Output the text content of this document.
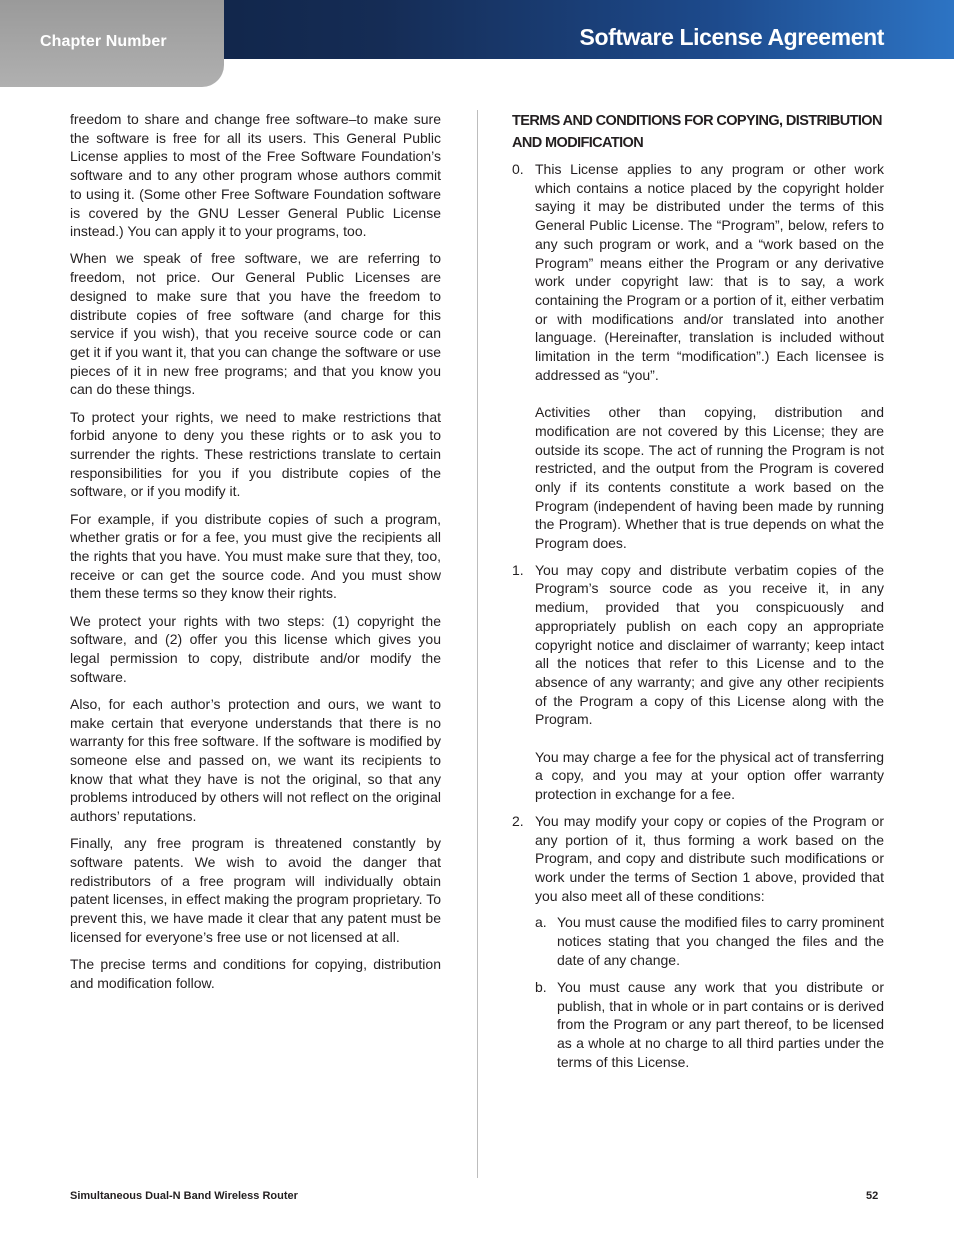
Chapter Number	Software License Agreement

freedom to share and change free software–to make sure the software is free for all its users. This General Public License applies to most of the Free Software Foundation’s software and to any other program whose authors commit to using it. (Some other Free Software Foundation software is covered by the GNU Lesser General Public License instead.) You can apply it to your programs, too.

When we speak of free software, we are referring to freedom, not price. Our General Public Licenses are designed to make sure that you have the freedom to distribute copies of free software (and charge for this service if you wish), that you receive source code or can get it if you want it, that you can change the software or use pieces of it in new free programs; and that you know you can do these things.

To protect your rights, we need to make restrictions that forbid anyone to deny you these rights or to ask you to surrender the rights. These restrictions translate to certain responsibilities for you if you distribute copies of the software, or if you modify it.

For example, if you distribute copies of such a program, whether gratis or for a fee, you must give the recipients all the rights that you have. You must make sure that they, too, receive or can get the source code. And you must show them these terms so they know their rights.

We protect your rights with two steps: (1) copyright the software, and (2) offer you this license which gives you legal permission to copy, distribute and/or modify the software.

Also, for each author’s protection and ours, we want to make certain that everyone understands that there is no warranty for this free software. If the software is modified by someone else and passed on, we want its recipients to know that what they have is not the original, so that any problems introduced by others will not reflect on the original authors’ reputations.

Finally, any free program is threatened constantly by software patents. We wish to avoid the danger that redistributors of a free program will individually obtain patent licenses, in effect making the program proprietary. To prevent this, we have made it clear that any patent must be licensed for everyone’s free use or not licensed at all.

The precise terms and conditions for copying, distribution and modification follow.

TERMS AND CONDITIONS FOR COPYING, DISTRIBUTION AND MODIFICATION
0. This License applies to any program or other work which contains a notice placed by the copyright holder saying it may be distributed under the terms of this General Public License. The “Program”, below, refers to any such program or work, and a “work based on the Program” means either the Program or any derivative work under copyright law: that is to say, a work containing the Program or a portion of it, either verbatim or with modifications and/or translated into another language. (Hereinafter, translation is included without limitation in the term “modification”.) Each licensee is addressed as “you”.

Activities other than copying, distribution and modification are not covered by this License; they are outside its scope. The act of running the Program is not restricted, and the output from the Program is covered only if its contents constitute a work based on the Program (independent of having been made by running the Program). Whether that is true depends on what the Program does.

1. You may copy and distribute verbatim copies of the Program’s source code as you receive it, in any medium, provided that you conspicuously and appropriately publish on each copy an appropriate copyright notice and disclaimer of warranty; keep intact all the notices that refer to this License and to the absence of any warranty; and give any other recipients of the Program a copy of this License along with the Program.

You may charge a fee for the physical act of transferring a copy, and you may at your option offer warranty protection in exchange for a fee.

2. You may modify your copy or copies of the Program or any portion of it, thus forming a work based on the Program, and copy and distribute such modifications or work under the terms of Section 1 above, provided that you also meet all of these conditions:

a. You must cause the modified files to carry prominent notices stating that you changed the files and the date of any change.

b. You must cause any work that you distribute or publish, that in whole or in part contains or is derived from the Program or any part thereof, to be licensed as a whole at no charge to all third parties under the terms of this License.

Simultaneous Dual-N Band Wireless Router	52
